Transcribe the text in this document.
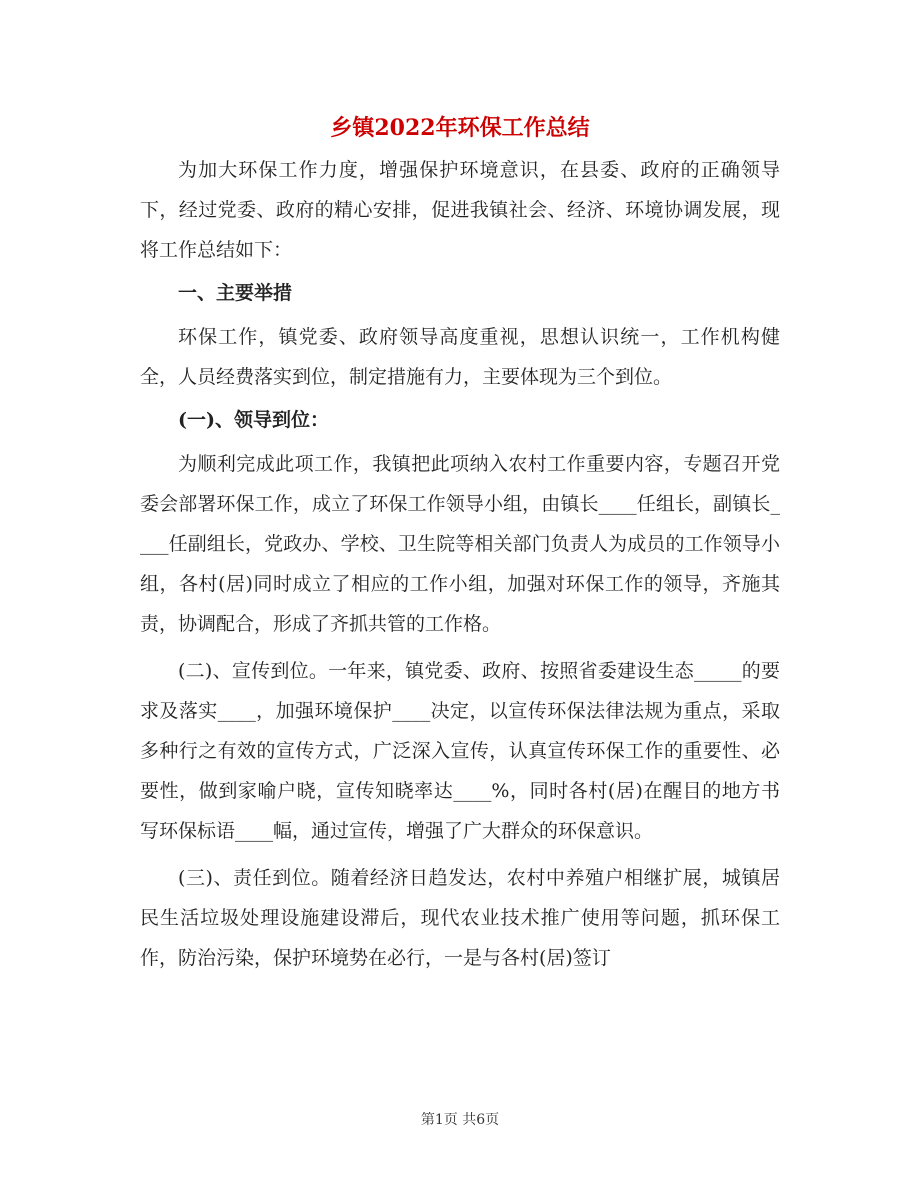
乡镇2022年环保工作总结

为加大环保工作力度，增强保护环境意识，在县委、政府的正确领导下，经过党委、政府的精心安排，促进我镇社会、经济、环境协调发展，现将工作总结如下：

一、主要举措

环保工作，镇党委、政府领导高度重视，思想认识统一，工作机构健全，人员经费落实到位，制定措施有力，主要体现为三个到位。

(一)、领导到位：

为顺利完成此项工作，我镇把此项纳入农村工作重要内容，专题召开党委会部署环保工作，成立了环保工作领导小组，由镇长____任组长，副镇长____任副组长，党政办、学校、卫生院等相关部门负责人为成员的工作领导小组，各村(居)同时成立了相应的工作小组，加强对环保工作的领导，齐施其责，协调配合，形成了齐抓共管的工作格。

(二)、宣传到位。一年来，镇党委、政府、按照省委建设生态_____的要求及落实____，加强环境保护____决定，以宣传环保法律法规为重点，采取多种行之有效的宣传方式，广泛深入宣传，认真宣传环保工作的重要性、必要性，做到家喻户晓，宣传知晓率达____%，同时各村(居)在醒目的地方书写环保标语____幅，通过宣传，增强了广大群众的环保意识。

(三)、责任到位。随着经济日趋发达，农村中养殖户相继扩展，城镇居民生活垃圾处理设施建设滞后，现代农业技术推广使用等问题，抓环保工作，防治污染，保护环境势在必行，一是与各村(居)签订

第1页 共6页
